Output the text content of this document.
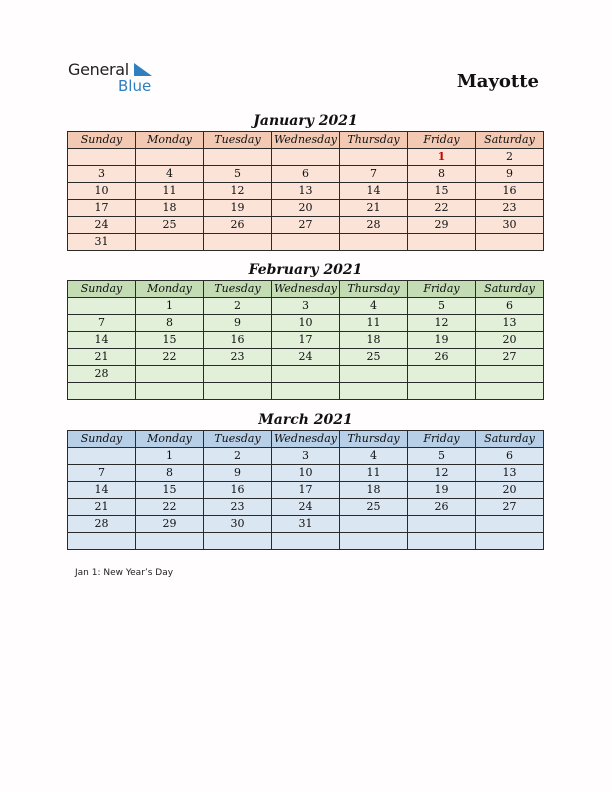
General
Blue	Mayotte
January 2021
Sunday	Monday	Tuesday	Wednesday	Thursday	Friday	Saturday
					1	2
3	4	5	6	7	8	9
10	11	12	13	14	15	16
17	18	19	20	21	22	23
24	25	26	27	28	29	30
31						
February 2021
Sunday	Monday	Tuesday	Wednesday	Thursday	Friday	Saturday
	1	2	3	4	5	6
7	8	9	10	11	12	13
14	15	16	17	18	19	20
21	22	23	24	25	26	27
28						

March 2021
Sunday	Monday	Tuesday	Wednesday	Thursday	Friday	Saturday
	1	2	3	4	5	6
7	8	9	10	11	12	13
14	15	16	17	18	19	20
21	22	23	24	25	26	27
28	29	30	31			

Jan 1: New Year’s Day
